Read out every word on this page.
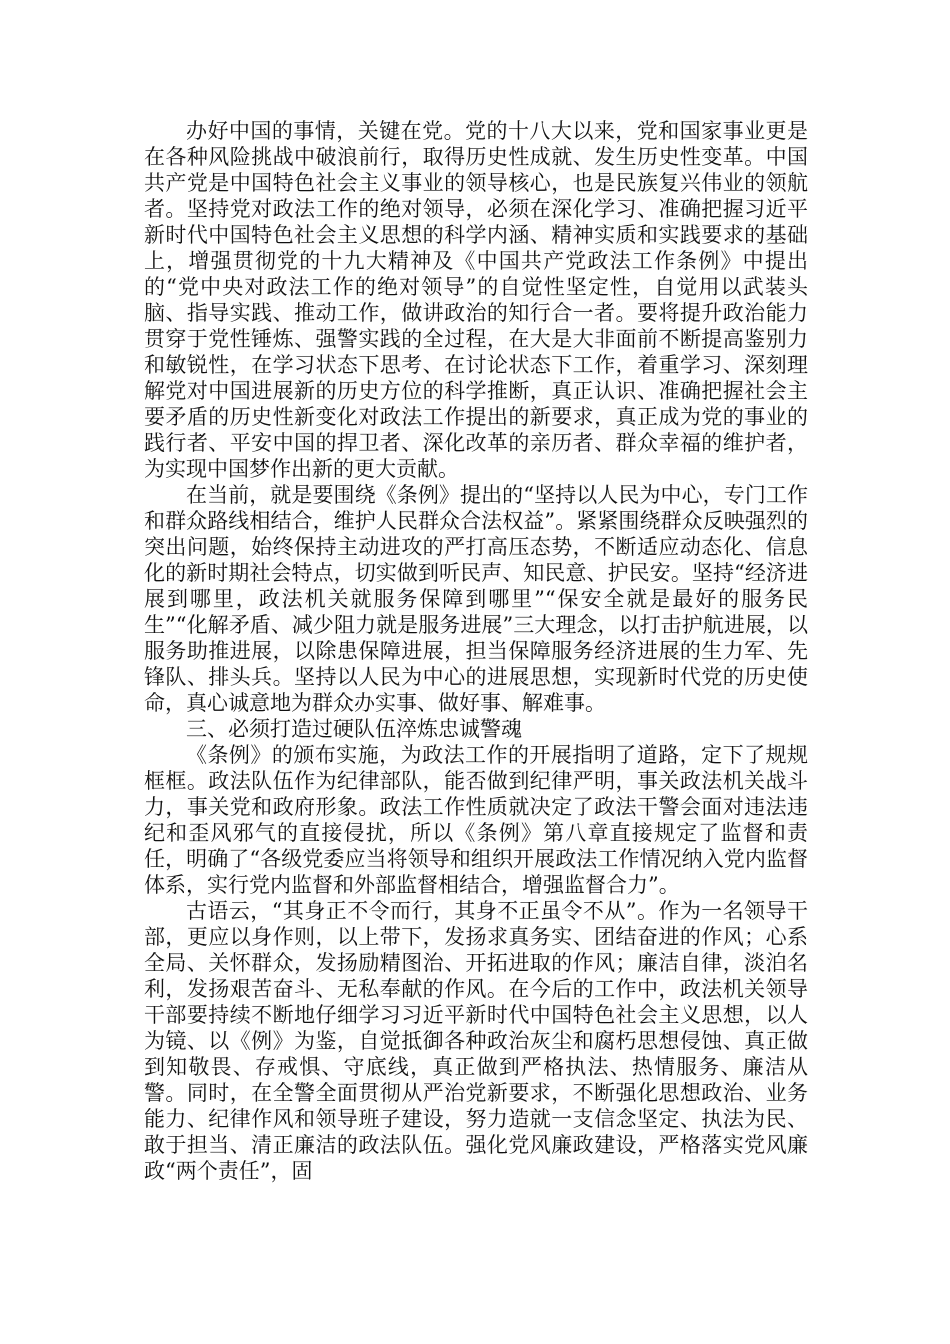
办好中国的事情，关键在党。党的十八大以来，党和国家事业更是在各种风险挑战中破浪前行，取得历史性成就、发生历史性变革。中国共产党是中国特色社会主义事业的领导核心，也是民族复兴伟业的领航者。坚持党对政法工作的绝对领导，必须在深化学习、准确把握习近平新时代中国特色社会主义思想的科学内涵、精神实质和实践要求的基础上，增强贯彻党的十九大精神及《中国共产党政法工作条例》中提出的“党中央对政法工作的绝对领导”的自觉性坚定性，自觉用以武装头脑、指导实践、推动工作，做讲政治的知行合一者。要将提升政治能力贯穿于党性锤炼、强警实践的全过程，在大是大非面前不断提高鉴别力和敏锐性，在学习状态下思考、在讨论状态下工作，着重学习、深刻理解党对中国进展新的历史方位的科学推断，真正认识、准确把握社会主要矛盾的历史性新变化对政法工作提出的新要求，真正成为党的事业的践行者、平安中国的捍卫者、深化改革的亲历者、群众幸福的维护者，为实现中国梦作出新的更大贡献。

在当前，就是要围绕《条例》提出的“坚持以人民为中心，专门工作和群众路线相结合，维护人民群众合法权益”。紧紧围绕群众反映强烈的突出问题，始终保持主动进攻的严打高压态势，不断适应动态化、信息化的新时期社会特点，切实做到听民声、知民意、护民安。坚持“经济进展到哪里，政法机关就服务保障到哪里”“保安全就是最好的服务民生”“化解矛盾、减少阻力就是服务进展”三大理念，以打击护航进展，以服务助推进展，以除患保障进展，担当保障服务经济进展的生力军、先锋队、排头兵。坚持以人民为中心的进展思想，实现新时代党的历史使命，真心诚意地为群众办实事、做好事、解难事。

三、必须打造过硬队伍淬炼忠诚警魂

《条例》的颁布实施，为政法工作的开展指明了道路，定下了规规框框。政法队伍作为纪律部队，能否做到纪律严明，事关政法机关战斗力，事关党和政府形象。政法工作性质就决定了政法干警会面对违法违纪和歪风邪气的直接侵扰，所以《条例》第八章直接规定了监督和责任，明确了“各级党委应当将领导和组织开展政法工作情况纳入党内监督体系，实行党内监督和外部监督相结合，增强监督合力”。

古语云，“其身正不令而行，其身不正虽令不从”。作为一名领导干部，更应以身作则，以上带下，发扬求真务实、团结奋进的作风；心系全局、关怀群众，发扬励精图治、开拓进取的作风；廉洁自律，淡泊名利，发扬艰苦奋斗、无私奉献的作风。在今后的工作中，政法机关领导干部要持续不断地仔细学习习近平新时代中国特色社会主义思想，以人为镜、以《例》为鉴，自觉抵御各种政治灰尘和腐朽思想侵蚀、真正做到知敬畏、存戒惧、守底线，真正做到严格执法、热情服务、廉洁从警。同时，在全警全面贯彻从严治党新要求，不断强化思想政治、业务能力、纪律作风和领导班子建设，努力造就一支信念坚定、执法为民、敢于担当、清正廉洁的政法队伍。强化党风廉政建设，严格落实党风廉政“两个责任”，固
